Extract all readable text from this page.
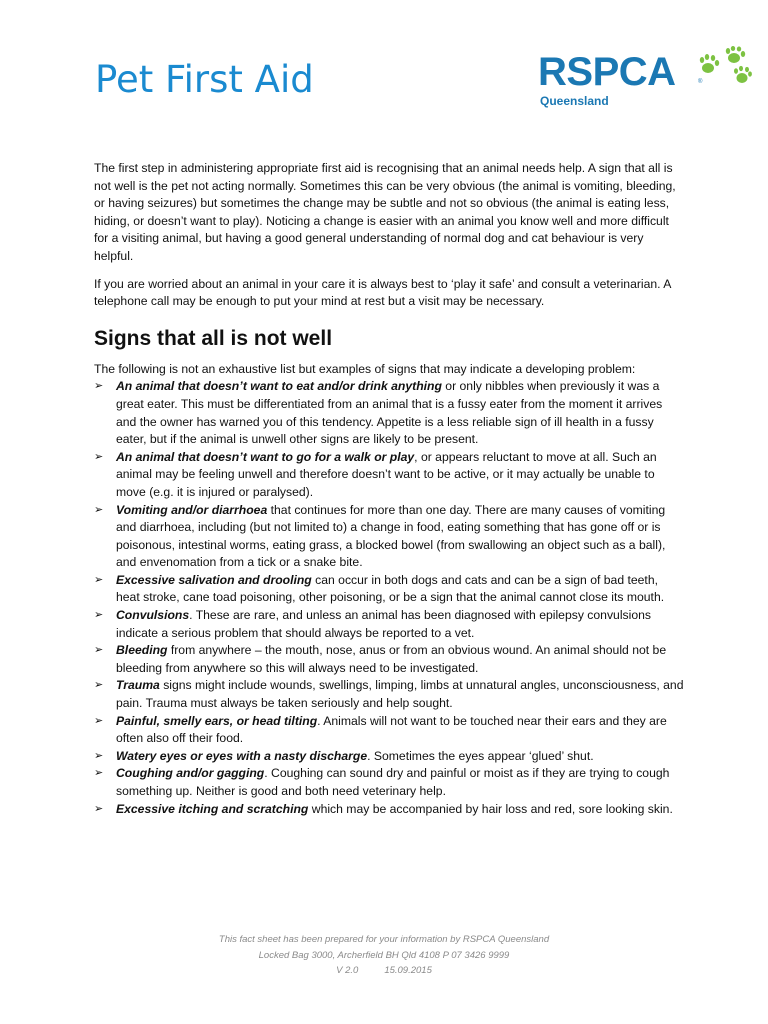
Pet First Aid	RSPCA	®
Queensland

The first step in administering appropriate first aid is recognising that an animal needs help. A sign that all is not well is the pet not acting normally. Sometimes this can be very obvious (the animal is vomiting, bleeding, or having seizures) but sometimes the change may be subtle and not so obvious (the animal is eating less, hiding, or doesn’t want to play). Noticing a change is easier with an animal you know well and more difficult for a visiting animal, but having a good general understanding of normal dog and cat behaviour is very helpful.

If you are worried about an animal in your care it is always best to ‘play it safe’ and consult a veterinarian. A telephone call may be enough to put your mind at rest but a visit may be necessary.

Signs that all is not well

The following is not an exhaustive list but examples of signs that may indicate a developing problem:

➢ An animal that doesn’t want to eat and/or drink anything or only nibbles when previously it was a great eater. This must be differentiated from an animal that is a fussy eater from the moment it arrives and the owner has warned you of this tendency. Appetite is a less reliable sign of ill health in a fussy eater, but if the animal is unwell other signs are likely to be present.
➢ An animal that doesn’t want to go for a walk or play, or appears reluctant to move at all. Such an animal may be feeling unwell and therefore doesn’t want to be active, or it may actually be unable to move (e.g. it is injured or paralysed).
➢ Vomiting and/or diarrhoea that continues for more than one day. There are many causes of vomiting and diarrhoea, including (but not limited to) a change in food, eating something that has gone off or is poisonous, intestinal worms, eating grass, a blocked bowel (from swallowing an object such as a ball), and envenomation from a tick or a snake bite.
➢ Excessive salivation and drooling can occur in both dogs and cats and can be a sign of bad teeth, heat stroke, cane toad poisoning, other poisoning, or be a sign that the animal cannot close its mouth.
➢ Convulsions. These are rare, and unless an animal has been diagnosed with epilepsy convulsions indicate a serious problem that should always be reported to a vet.
➢ Bleeding from anywhere – the mouth, nose, anus or from an obvious wound. An animal should not be bleeding from anywhere so this will always need to be investigated.
➢ Trauma signs might include wounds, swellings, limping, limbs at unnatural angles, unconsciousness, and pain. Trauma must always be taken seriously and help sought.
➢ Painful, smelly ears, or head tilting. Animals will not want to be touched near their ears and they are often also off their food.
➢ Watery eyes or eyes with a nasty discharge. Sometimes the eyes appear ‘glued’ shut.
➢ Coughing and/or gagging. Coughing can sound dry and painful or moist as if they are trying to cough something up. Neither is good and both need veterinary help.
➢ Excessive itching and scratching which may be accompanied by hair loss and red, sore looking skin.
This fact sheet has been prepared for your information by RSPCA Queensland
Locked Bag 3000, Archerfield BH Qld 4108 P 07 3426 9999
V 2.0	15.09.2015
